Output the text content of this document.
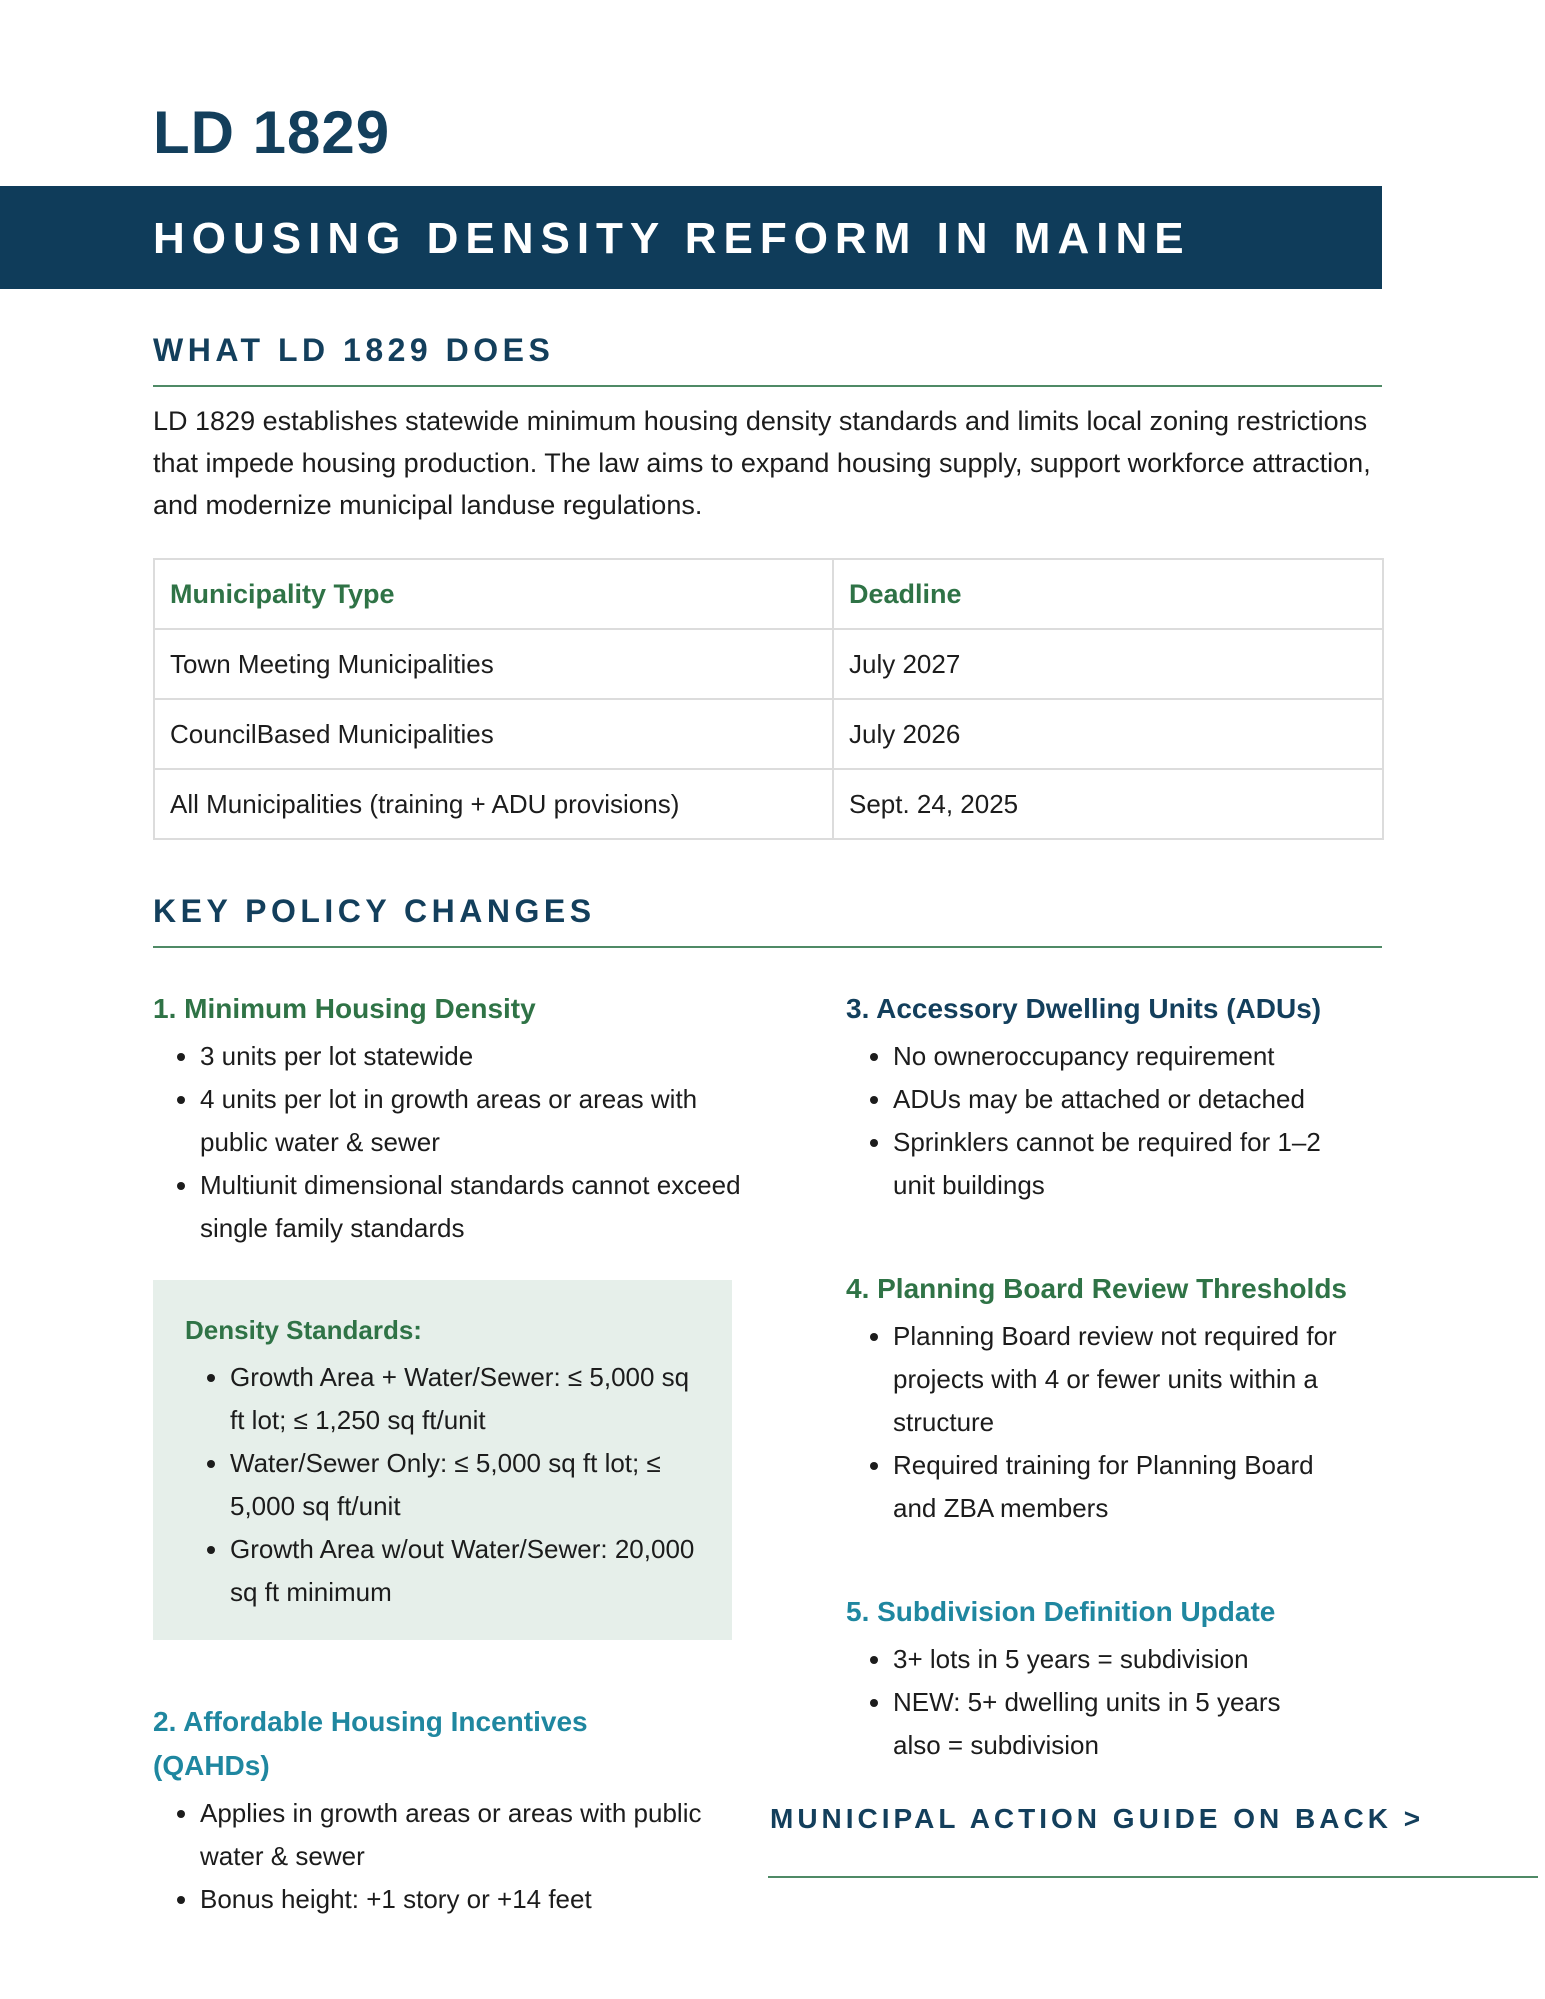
LD 1829
HOUSING DENSITY REFORM IN MAINE
WHAT LD 1829 DOES

LD 1829 establishes statewide minimum housing density standards and limits local zoning restrictions that impede housing production. The law aims to expand housing supply, support workforce attraction, and modernize municipal landuse regulations.

Municipality Type	Deadline
Town Meeting Municipalities	July 2027
CouncilBased Municipalities	July 2026
All Municipalities (training + ADU provisions)	Sept. 24, 2025
KEY POLICY CHANGES
1. Minimum Housing Density
• 3 units per lot statewide
• 4 units per lot in growth areas or areas with public water & sewer
• Multiunit dimensional standards cannot exceed single family standards
Density Standards:
• Growth Area + Water/Sewer: ≤ 5,000 sq ft lot; ≤ 1,250 sq ft/unit
• Water/Sewer Only: ≤ 5,000 sq ft lot; ≤ 5,000 sq ft/unit
• Growth Area w/out Water/Sewer: 20,000 sq ft minimum
2. Affordable Housing Incentives (QAHDs)
• Applies in growth areas or areas with public water & sewer
• Bonus height: +1 story or +14 feet
3. Accessory Dwelling Units (ADUs)
• No owneroccupancy requirement
• ADUs may be attached or detached
• Sprinklers cannot be required for 1–2 unit buildings
4. Planning Board Review Thresholds
• Planning Board review not required for projects with 4 or fewer units within a structure
• Required training for Planning Board and ZBA members
5. Subdivision Definition Update
• 3+ lots in 5 years = subdivision
• NEW: 5+ dwelling units in 5 years also = subdivision

MUNICIPAL ACTION GUIDE ON BACK >
